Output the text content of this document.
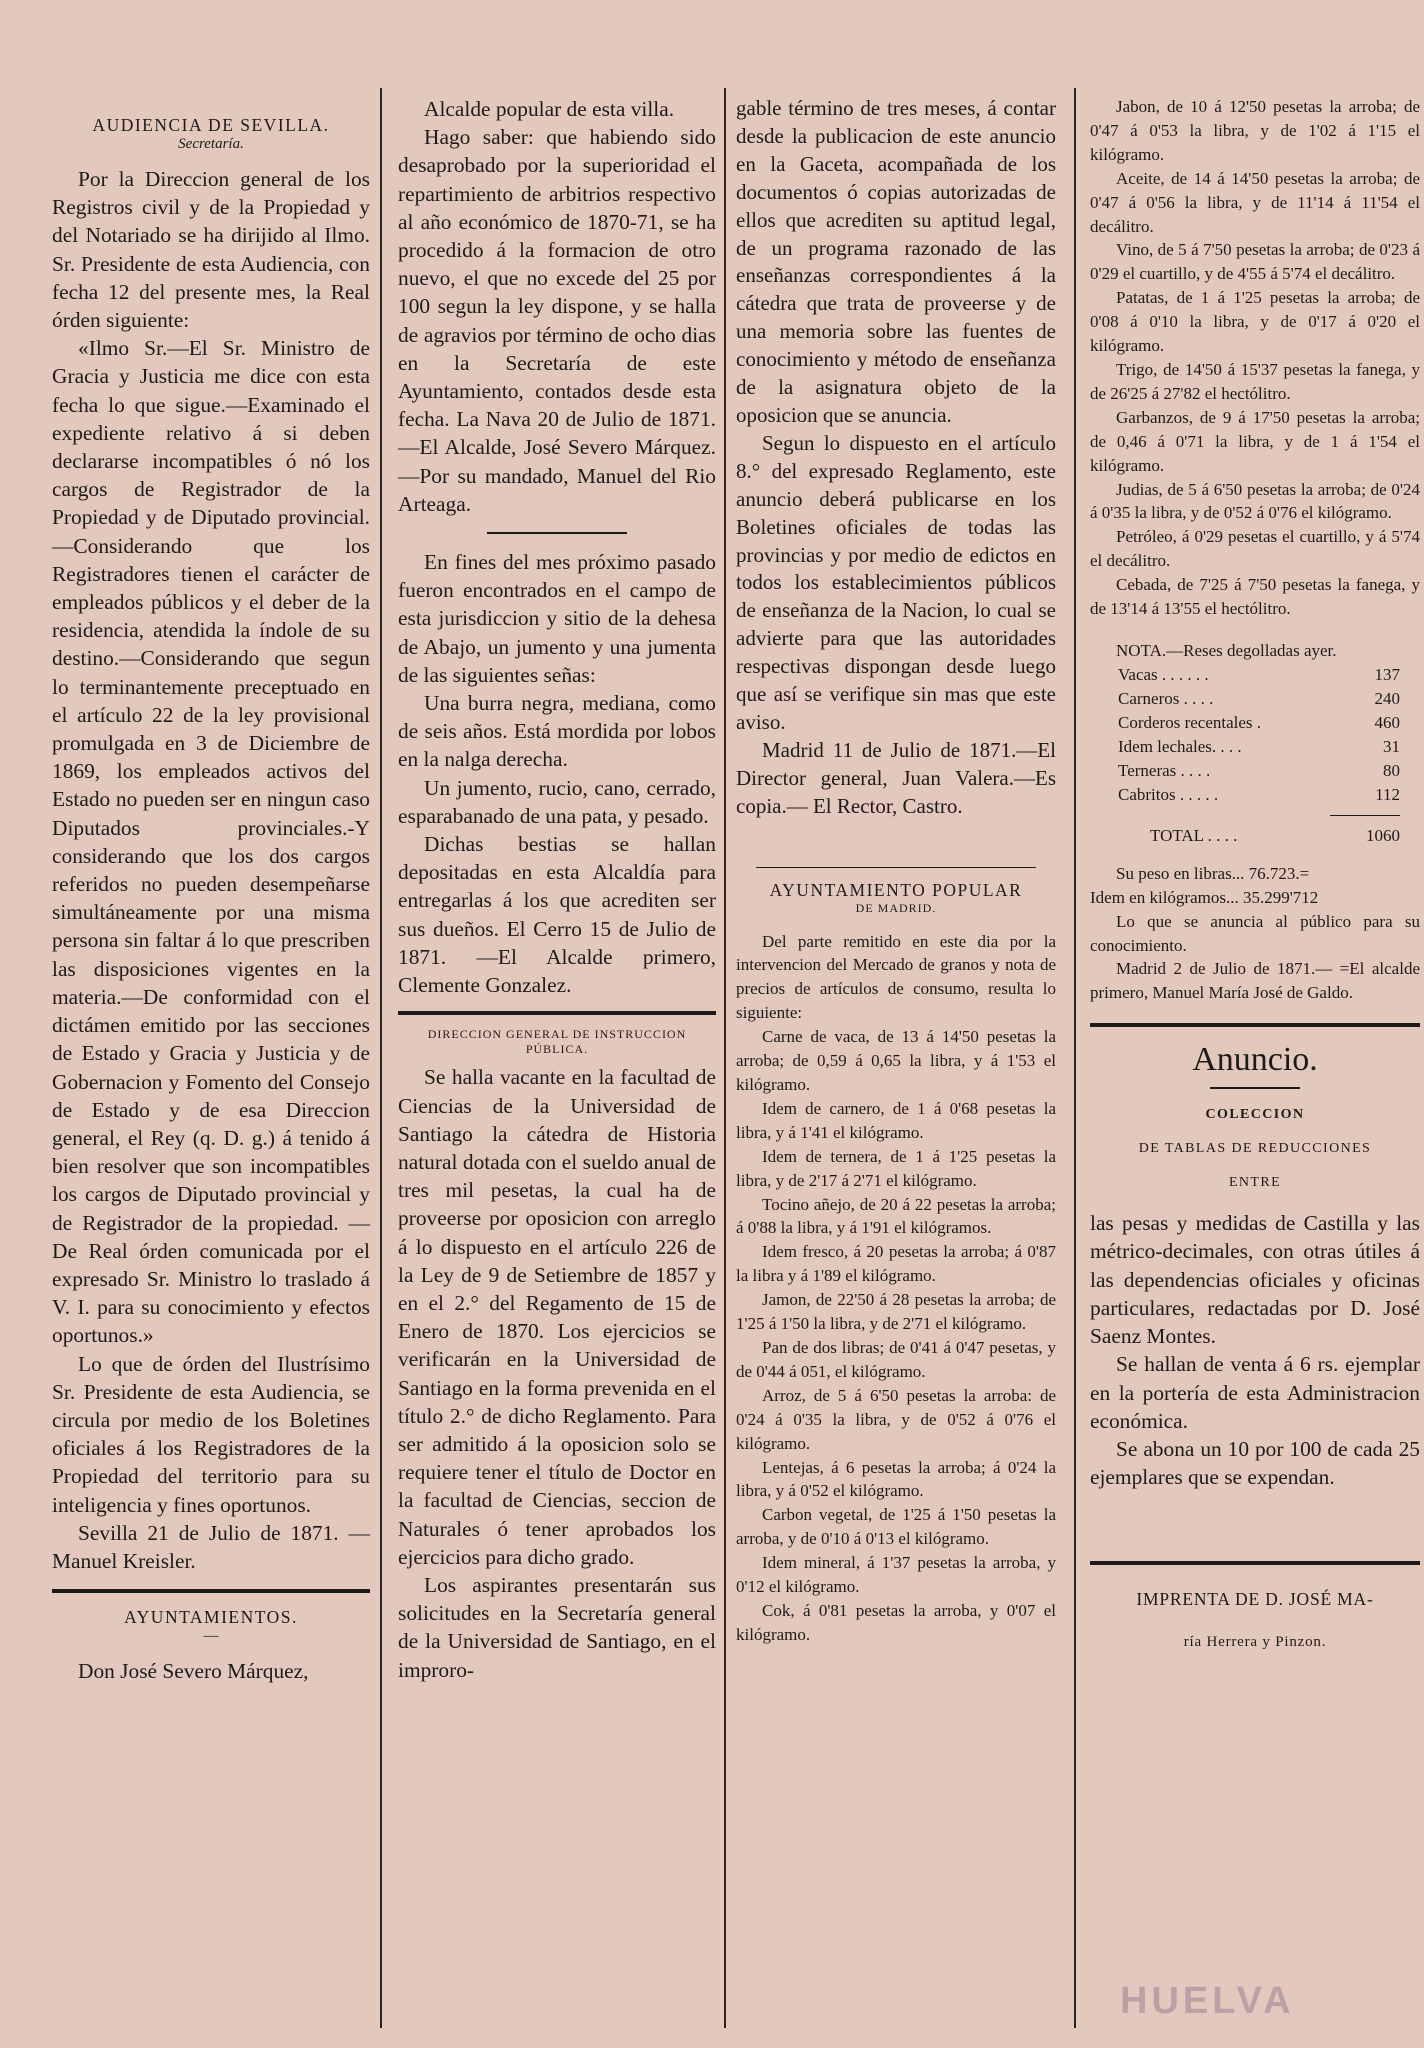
AUDIENCIA DE SEVILLA.
Secretaría.

Por la Direccion general de los Registros civil y de la Propiedad y del Notariado se ha dirijido al Ilmo. Sr. Presidente de esta Audiencia, con fecha 12 del presente mes, la Real órden siguiente:

«Ilmo Sr.—El Sr. Ministro de Gracia y Justicia me dice con esta fecha lo que sigue.—Examinado el expediente relativo á si deben declararse incompatibles ó nó los cargos de Registrador de la Propiedad y de Diputado provincial.—Considerando que los Registradores tienen el carácter de empleados públicos y el deber de la residencia, atendida la índole de su destino.—Considerando que segun lo terminantemente preceptuado en el artículo 22 de la ley provisional promulgada en 3 de Diciembre de 1869, los empleados activos del Estado no pueden ser en ningun caso Diputados provinciales.-Y considerando que los dos cargos referidos no pueden desempeñarse simultáneamente por una misma persona sin faltar á lo que prescriben las disposiciones vigentes en la materia.—De conformidad con el dictámen emitido por las secciones de Estado y Gracia y Justicia y de Gobernacion y Fomento del Consejo de Estado y de esa Direccion general, el Rey (q. D. g.) á tenido á bien resolver que son incompatibles los cargos de Diputado provincial y de Registrador de la propiedad. —De Real órden comunicada por el expresado Sr. Ministro lo traslado á V. I. para su conocimiento y efectos oportunos.»

Lo que de órden del Ilustrísimo Sr. Presidente de esta Audiencia, se circula por medio de los Boletines oficiales á los Registradores de la Propiedad del territorio para su inteligencia y fines oportunos.

Sevilla 21 de Julio de 1871. —Manuel Kreisler.

AYUNTAMIENTOS.
—

Don José Severo Márquez,

Alcalde popular de esta villa.

Hago saber: que habiendo sido desaprobado por la superioridad el repartimiento de arbitrios respectivo al año económico de 1870-71, se ha procedido á la formacion de otro nuevo, el que no excede del 25 por 100 segun la ley dispone, y se halla de agravios por término de ocho dias en la Secretaría de este Ayuntamiento, contados desde esta fecha. La Nava 20 de Julio de 1871.—El Alcalde, José Severo Márquez.—Por su mandado, Manuel del Rio Arteaga.

En fines del mes próximo pasado fueron encontrados en el campo de esta jurisdiccion y sitio de la dehesa de Abajo, un jumento y una jumenta de las siguientes señas:

Una burra negra, mediana, como de seis años. Está mordida por lobos en la nalga derecha.

Un jumento, rucio, cano, cerrado, esparabanado de una pata, y pesado.

Dichas bestias se hallan depositadas en esta Alcaldía para entregarlas á los que acrediten ser sus dueños. El Cerro 15 de Julio de 1871. —El Alcalde primero, Clemente Gonzalez.

DIRECCION GENERAL DE INSTRUCCION PÚBLICA.

Se halla vacante en la facultad de Ciencias de la Universidad de Santiago la cátedra de Historia natural dotada con el sueldo anual de tres mil pesetas, la cual ha de proveerse por oposicion con arreglo á lo dispuesto en el artículo 226 de la Ley de 9 de Setiembre de 1857 y en el 2.° del Regamento de 15 de Enero de 1870. Los ejercicios se verificarán en la Universidad de Santiago en la forma prevenida en el título 2.° de dicho Reglamento. Para ser admitido á la oposicion solo se requiere tener el título de Doctor en la facultad de Ciencias, seccion de Naturales ó tener aprobados los ejercicios para dicho grado.

Los aspirantes presentarán sus solicitudes en la Secretaría general de la Universidad de Santiago, en el improro-

gable término de tres meses, á contar desde la publicacion de este anuncio en la Gaceta, acompañada de los documentos ó copias autorizadas de ellos que acrediten su aptitud legal, de un programa razonado de las enseñanzas correspondientes á la cátedra que trata de proveerse y de una memoria sobre las fuentes de conocimiento y método de enseñanza de la asignatura objeto de la oposicion que se anuncia.

Segun lo dispuesto en el artículo 8.° del expresado Reglamento, este anuncio deberá publicarse en los Boletines oficiales de todas las provincias y por medio de edictos en todos los establecimientos públicos de enseñanza de la Nacion, lo cual se advierte para que las autoridades respectivas dispongan desde luego que así se verifique sin mas que este aviso.

Madrid 11 de Julio de 1871.—El Director general, Juan Valera.—Es copia.— El Rector, Castro.

AYUNTAMIENTO POPULAR
DE MADRID.

Del parte remitido en este dia por la intervencion del Mercado de granos y nota de precios de artículos de consumo, resulta lo siguiente:

Carne de vaca, de 13 á 14'50 pesetas la arroba; de 0,59 á 0,65 la libra, y á 1'53 el kilógramo.

Idem de carnero, de 1 á 0'68 pesetas la libra, y á 1'41 el kilógramo.

Idem de ternera, de 1 á 1'25 pesetas la libra, y de 2'17 á 2'71 el kilógramo.

Tocino añejo, de 20 á 22 pesetas la arroba; á 0'88 la libra, y á 1'91 el kilógramos.

Idem fresco, á 20 pesetas la arroba; á 0'87 la libra y á 1'89 el kilógramo.

Jamon, de 22'50 á 28 pesetas la arroba; de 1'25 á 1'50 la libra, y de 2'71 el kilógramo.

Pan de dos libras; de 0'41 á 0'47 pesetas, y de 0'44 á 051, el kilógramo.

Arroz, de 5 á 6'50 pesetas la arroba: de 0'24 á 0'35 la libra, y de 0'52 á 0'76 el kilógramo.

Lentejas, á 6 pesetas la arroba; á 0'24 la libra, y á 0'52 el kilógramo.

Carbon vegetal, de 1'25 á 1'50 pesetas la arroba, y de 0'10 á 0'13 el kilógramo.

Idem mineral, á 1'37 pesetas la arroba, y 0'12 el kilógramo.

Cok, á 0'81 pesetas la arroba, y 0'07 el kilógramo.

Jabon, de 10 á 12'50 pesetas la arroba; de 0'47 á 0'53 la libra, y de 1'02 á 1'15 el kilógramo.

Aceite, de 14 á 14'50 pesetas la arroba; de 0'47 á 0'56 la libra, y de 11'14 á 11'54 el decálitro.

Vino, de 5 á 7'50 pesetas la arroba; de 0'23 á 0'29 el cuartillo, y de 4'55 á 5'74 el decálitro.

Patatas, de 1 á 1'25 pesetas la arroba; de 0'08 á 0'10 la libra, y de 0'17 á 0'20 el kilógramo.

Trigo, de 14'50 á 15'37 pesetas la fanega, y de 26'25 á 27'82 el hectólitro.

Garbanzos, de 9 á 17'50 pesetas la arroba; de 0,46 á 0'71 la libra, y de 1 á 1'54 el kilógramo.

Judias, de 5 á 6'50 pesetas la arroba; de 0'24 á 0'35 la libra, y de 0'52 á 0'76 el kilógramo.

Petróleo, á 0'29 pesetas el cuartillo, y á 5'74 el decálitro.

Cebada, de 7'25 á 7'50 pesetas la fanega, y de 13'14 á 13'55 el hectólitro.

NOTA.—Reses degolladas ayer.

Vacas . . . . . .	137
Carneros . . . .	240
Corderos recentales .	460
Idem lechales. . . .	31
Terneras . . . .	80
Cabritos . . . . .	112
TOTAL . . . .	1060

Su peso en libras... 76.723.=

Idem en kilógramos... 35.299'712

Lo que se anuncia al público para su conocimiento.

Madrid 2 de Julio de 1871.— =El alcalde primero, Manuel María José de Galdo.

Anuncio.
COLECCION
DE TABLAS DE REDUCCIONES
ENTRE

las pesas y medidas de Castilla y las métrico-decimales, con otras útiles á las dependencias oficiales y oficinas particulares, redactadas por D. José Saenz Montes.

Se hallan de venta á 6 rs. ejemplar en la portería de esta Administracion económica.

Se abona un 10 por 100 de cada 25 ejemplares que se expendan.

IMPRENTA DE D. JOSÉ MA-
ría Herrera y Pinzon.
HUELVA
